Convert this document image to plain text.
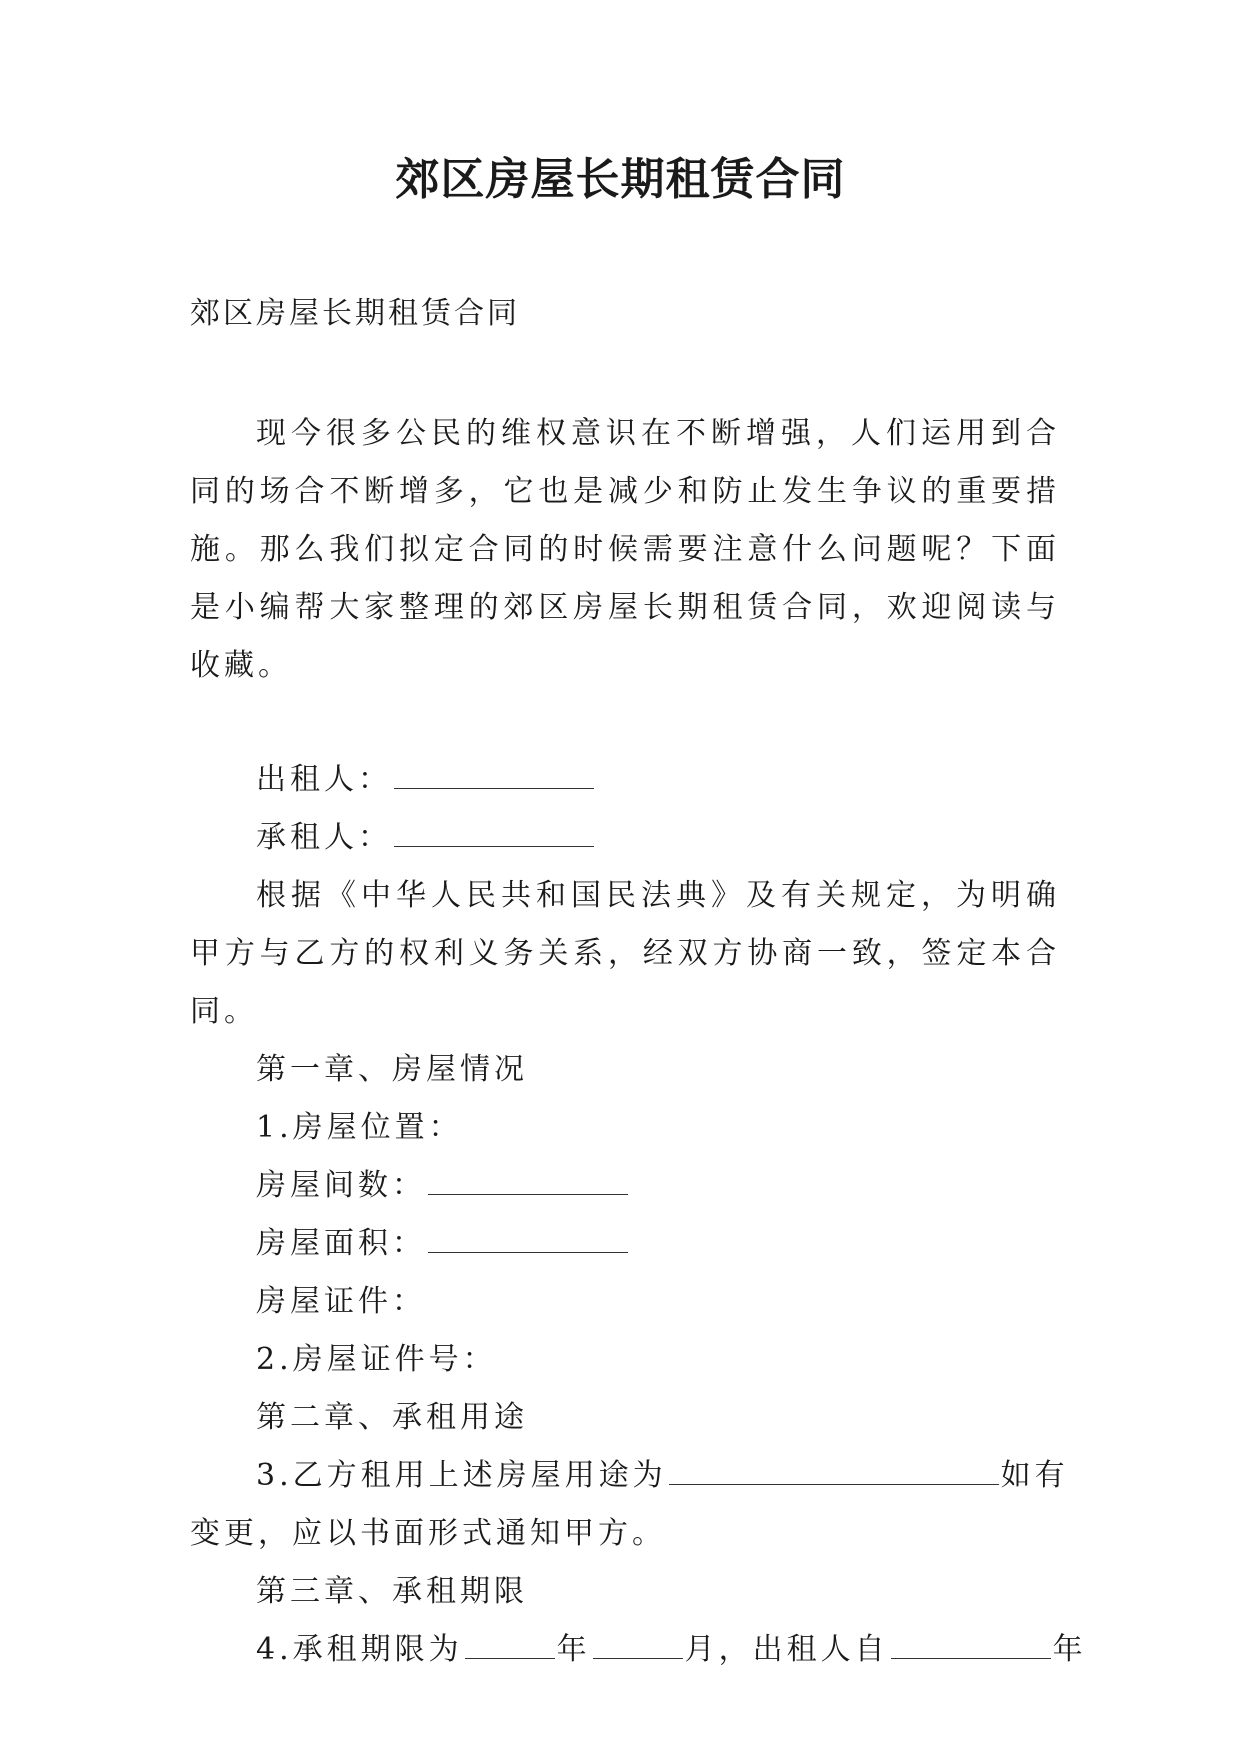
郊区房屋长期租赁合同
郊区房屋长期租赁合同

现今很多公民的维权意识在不断增强，人们运用到合同的场合不断增多，它也是减少和防止发生争议的重要措施。那么我们拟定合同的时候需要注意什么问题呢？下面是小编帮大家整理的郊区房屋长期租赁合同，欢迎阅读与收藏。

出租人：

承租人：

根据《中华人民共和国民法典》及有关规定，为明确甲方与乙方的权利义务关系，经双方协商一致，签定本合同。

第一章、房屋情况

1.房屋位置：

房屋间数：

房屋面积：

房屋证件：

2.房屋证件号：

第二章、承租用途

3.乙方租用上述房屋用途为	如有

变更，应以书面形式通知甲方。

第三章、承租期限

4.承租期限为	年	月，出租人自	年
